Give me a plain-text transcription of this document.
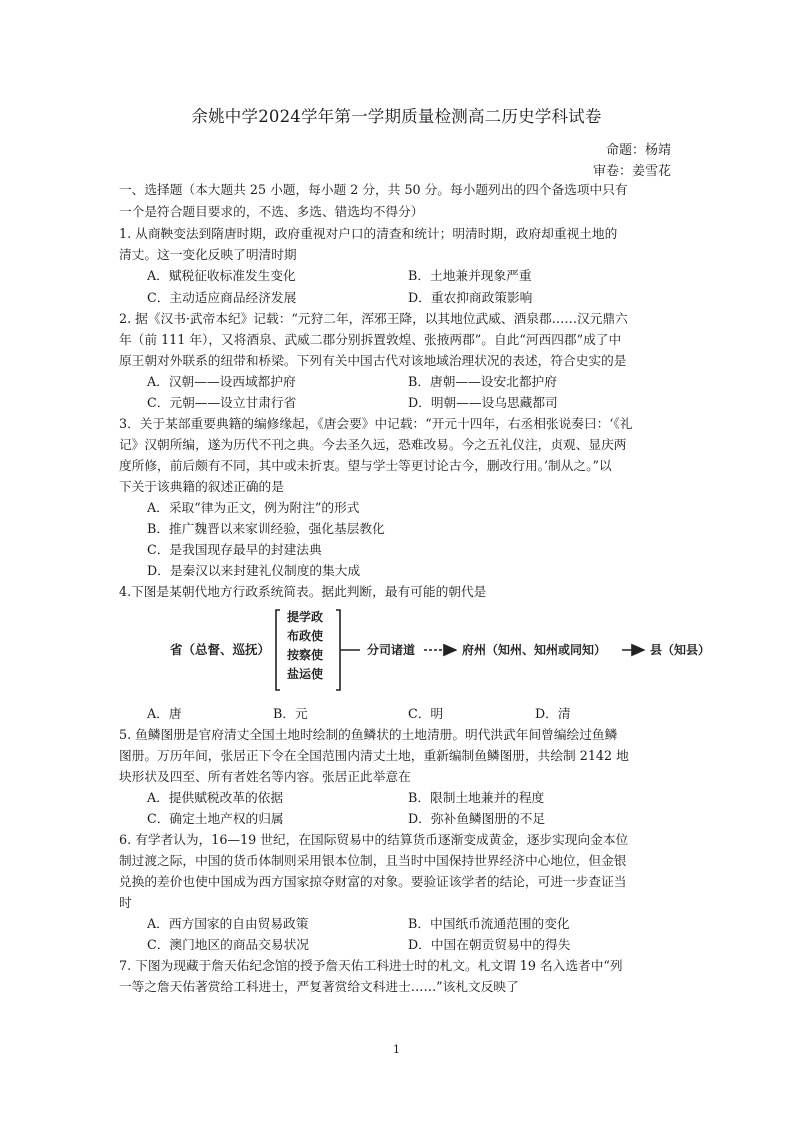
余姚中学2024学年第一学期质量检测高二历史学科试卷
命题：杨靖
审卷：姜雪花
一、选择题（本大题共 25 小题，每小题 2 分，共 50 分。每小题列出的四个备选项中只有
一个是符合题目要求的，不选、多选、错选均不得分）
1. 从商鞅变法到隋唐时期，政府重视对户口的清查和统计；明清时期，政府却重视土地的
清丈。这一变化反映了明清时期
A．赋税征收标准发生变化	B．土地兼并现象严重
C．主动适应商品经济发展	D．重农抑商政策影响
2. 据《汉书·武帝本纪》记载：“元狩二年，浑邪王降，以其地位武威、酒泉郡……汉元鼎六
年（前 111 年），又将酒泉、武威二郡分别拆置敦煌、张掖两郡”。自此“河西四郡”成了中
原王朝对外联系的纽带和桥梁。下列有关中国古代对该地域治理状况的表述，符合史实的是
A．汉朝——设西域都护府	B．唐朝——设安北都护府
C．元朝——设立甘肃行省	D．明朝——设乌思藏都司
3．关于某部重要典籍的编修缘起，《唐会要》中记载：“开元十四年，右丞相张说奏曰：‘《礼
记》汉朝所编，遂为历代不刊之典。今去圣久远，恐难改易。今之五礼仪注，贞观、显庆两
度所修，前后颇有不同，其中或未折衷。望与学士等更讨论古今，删改行用。’制从之。”以
下关于该典籍的叙述正确的是
A．采取“律为正文，例为附注”的形式
B．推广魏晋以来家训经验，强化基层教化
C．是我国现存最早的封建法典
D．是秦汉以来封建礼仪制度的集大成
4.下图是某朝代地方行政系统简表。据此判断，最有可能的朝代是
省（总督、巡抚）
提学政
布政使
按察使
盐运使
分司诸道	府州（知州、知州或同知）	县（知县）
A．唐	B．元	C．明	D．清
5. 鱼鳞图册是官府清丈全国土地时绘制的鱼鳞状的土地清册。明代洪武年间曾编绘过鱼鳞
图册。万历年间，张居正下令在全国范围内清丈土地，重新编制鱼鳞图册，共绘制 2142 地
块形状及四至、所有者姓名等内容。张居正此举意在
A．提供赋税改革的依据	B．限制土地兼并的程度
C．确定土地产权的归属	D．弥补鱼鳞图册的不足
6. 有学者认为，16—19 世纪，在国际贸易中的结算货币逐渐变成黄金，逐步实现向金本位
制过渡之际，中国的货币体制则采用银本位制，且当时中国保持世界经济中心地位，但金银
兑换的差价也使中国成为西方国家掠夺财富的对象。要验证该学者的结论，可进一步查证当
时
A．西方国家的自由贸易政策	B．中国纸币流通范围的变化
C．澳门地区的商品交易状况	D．中国在朝贡贸易中的得失
7. 下图为现藏于詹天佑纪念馆的授予詹天佑工科进士时的札文。札文谓 19 名入选者中“列
一等之詹天佑著赏给工科进士，严复著赏给文科进士……”该札文反映了
1
